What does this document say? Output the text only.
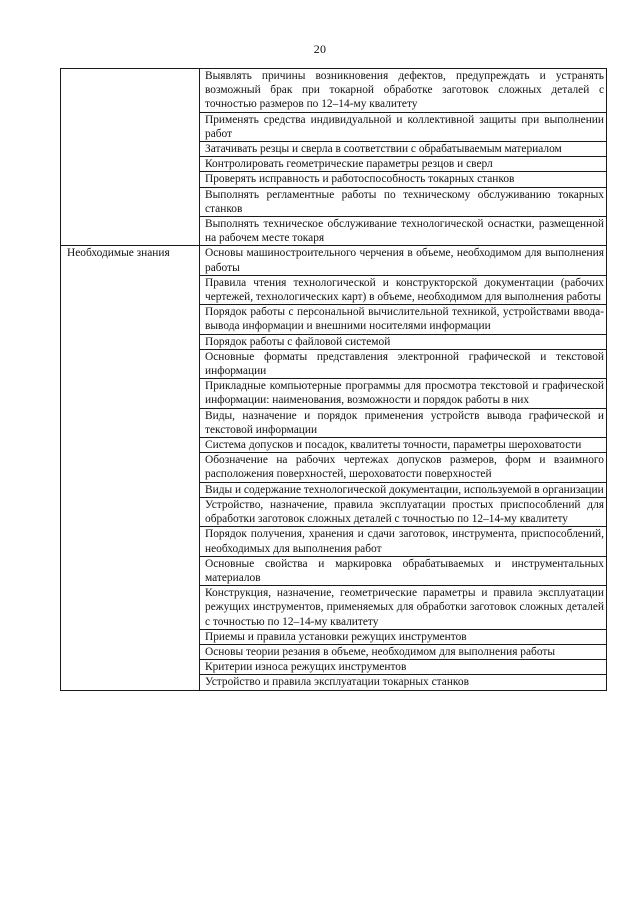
20
	Выявлять причины возникновения дефектов, предупреждать и устранять возможный брак при токарной обработке заготовок сложных деталей с точностью размеров по 12–14-му квалитету
	Применять средства индивидуальной и коллективной защиты при выполнении работ
	Затачивать резцы и сверла в соответствии с обрабатываемым материалом
	Контролировать геометрические параметры резцов и сверл
	Проверять исправность и работоспособность токарных станков
	Выполнять регламентные работы по техническому обслуживанию токарных станков
	Выполнять техническое обслуживание технологической оснастки, размещенной на рабочем месте токаря
Необходимые знания	Основы машиностроительного черчения в объеме, необходимом для выполнения работы
	Правила чтения технологической и конструкторской документации (рабочих чертежей, технологических карт) в объеме, необходимом для выполнения работы
	Порядок работы с персональной вычислительной техникой, устройствами ввода-вывода информации и внешними носителями информации
	Порядок работы с файловой системой
	Основные форматы представления электронной графической и текстовой информации
	Прикладные компьютерные программы для просмотра текстовой и графической информации: наименования, возможности и порядок работы в них
	Виды, назначение и порядок применения устройств вывода графической и текстовой информации
	Система допусков и посадок, квалитеты точности, параметры шероховатости
	Обозначение на рабочих чертежах допусков размеров, форм и взаимного расположения поверхностей, шероховатости поверхностей
	Виды и содержание технологической документации, используемой в организации
	Устройство, назначение, правила эксплуатации простых приспособлений для обработки заготовок сложных деталей с точностью по 12–14-му квалитету
	Порядок получения, хранения и сдачи заготовок, инструмента, приспособлений, необходимых для выполнения работ
	Основные свойства и маркировка обрабатываемых и инструментальных материалов
	Конструкция, назначение, геометрические параметры и правила эксплуатации режущих инструментов, применяемых для обработки заготовок сложных деталей с точностью по 12–14-му квалитету
	Приемы и правила установки режущих инструментов
	Основы теории резания в объеме, необходимом для выполнения работы
	Критерии износа режущих инструментов
	Устройство и правила эксплуатации токарных станков
